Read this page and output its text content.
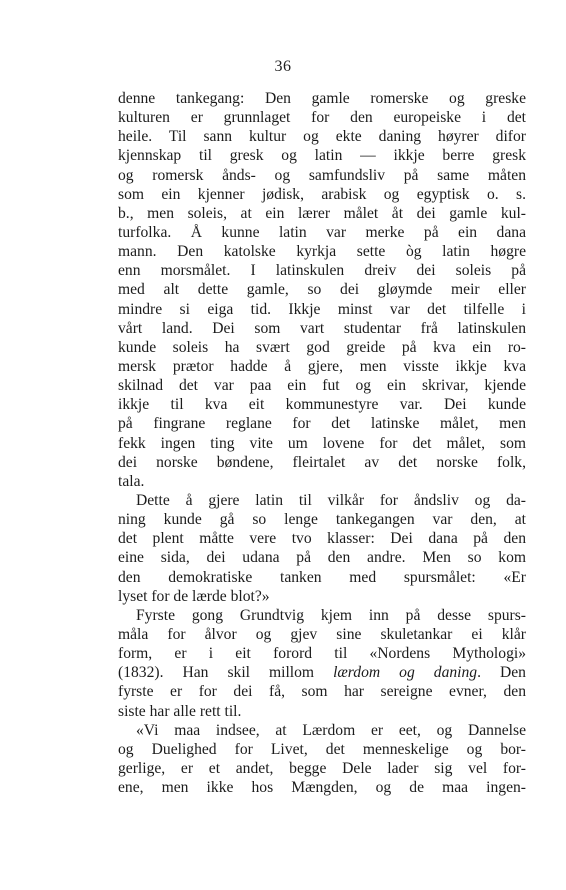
36
denne tankegang: Den gamle romerske og greske
kulturen er grunnlaget for den europeiske i det
heile. Til sann kultur og ekte daning høyrer difor
kjennskap til gresk og latin — ikkje berre gresk
og romersk ånds- og samfundsliv på same måten
som ein kjenner jødisk, arabisk og egyptisk o. s.
b., men soleis, at ein lærer målet åt dei gamle kul-
turfolka. Å kunne latin var merke på ein dana
mann. Den katolske kyrkja sette òg latin høgre
enn morsmålet. I latinskulen dreiv dei soleis på
med alt dette gamle, so dei gløymde meir eller
mindre si eiga tid. Ikkje minst var det tilfelle i
vårt land. Dei som vart studentar frå latinskulen
kunde soleis ha svært god greide på kva ein ro-
mersk prætor hadde å gjere, men visste ikkje kva
skilnad det var paa ein fut og ein skrivar, kjende
ikkje til kva eit kommunestyre var. Dei kunde
på fingrane reglane for det latinske målet, men
fekk ingen ting vite um lovene for det målet, som
dei norske bøndene, fleirtalet av det norske folk,
tala.
Dette å gjere latin til vilkår for åndsliv og da-
ning kunde gå so lenge tankegangen var den, at
det plent måtte vere tvo klasser: Dei dana på den
eine sida, dei udana på den andre. Men so kom
den demokratiske tanken med spursmålet: «Er
lyset for de lærde blot?»
Fyrste gong Grundtvig kjem inn på desse spurs-
måla for ålvor og gjev sine skuletankar ei klår
form, er i eit forord til «Nordens Mythologi»
(1832). Han skil millom lærdom og daning. Den
fyrste er for dei få, som har sereigne evner, den
siste har alle rett til.
«Vi maa indsee, at Lærdom er eet, og Dannelse
og Duelighed for Livet, det menneskelige og bor-
gerlige, er et andet, begge Dele lader sig vel for-
ene, men ikke hos Mængden, og de maa ingen-
